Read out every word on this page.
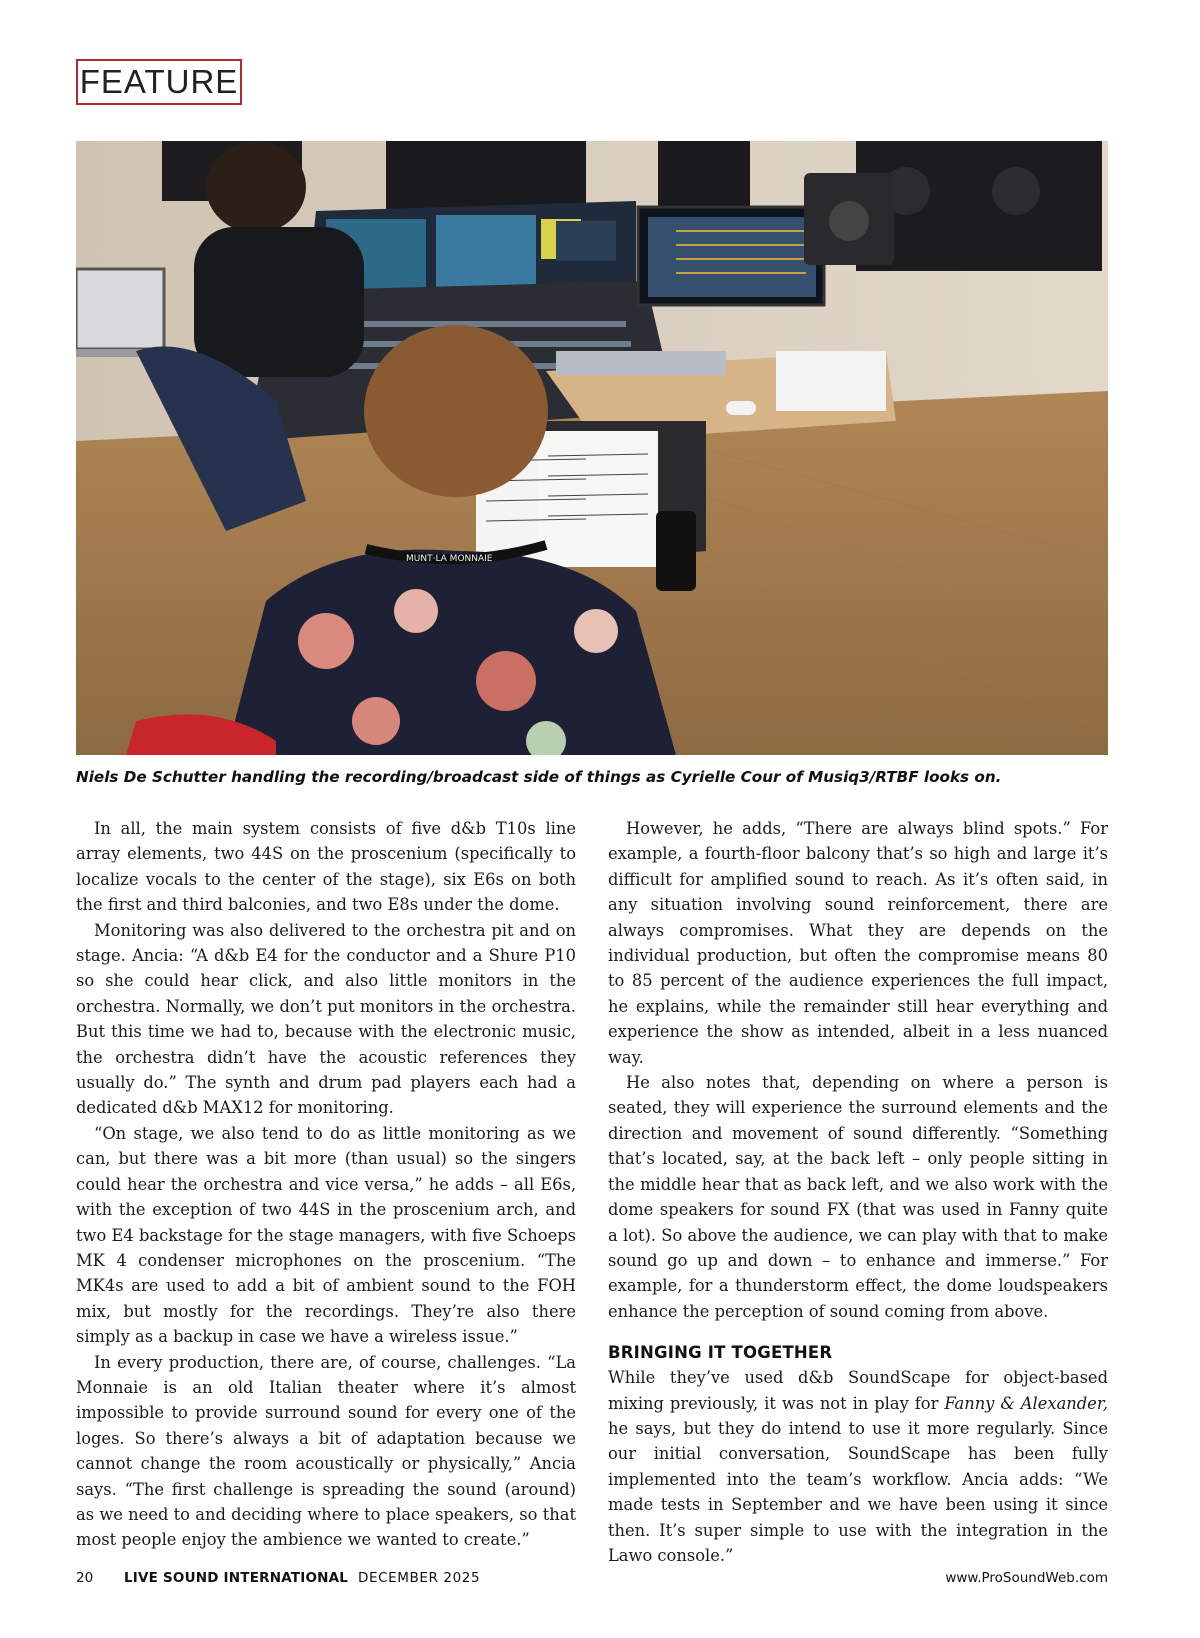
FEATURE
MUNT·LA MONNAIE
Niels De Schutter handling the recording/broadcast side of things as Cyrielle Cour of Musiq3/RTBF looks on.

In all, the main system consists of five d&b T10s line array elements, two 44S on the proscenium (specifically to localize vocals to the center of the stage), six E6s on both the first and third balconies, and two E8s under the dome.

Monitoring was also delivered to the orchestra pit and on stage. Ancia: “A d&b E4 for the conductor and a Shure P10 so she could hear click, and also little monitors in the orchestra. Normally, we don’t put monitors in the orchestra. But this time we had to, because with the electronic music, the orchestra didn’t have the acoustic references they usually do.” The synth and drum pad players each had a dedicated d&b MAX12 for monitoring.

“On stage, we also tend to do as little monitoring as we can, but there was a bit more (than usual) so the singers could hear the orchestra and vice versa,” he adds – all E6s, with the exception of two 44S in the proscenium arch, and two E4 backstage for the stage managers, with five Schoeps MK 4 condenser microphones on the proscenium. “The MK4s are used to add a bit of ambient sound to the FOH mix, but mostly for the recordings. They’re also there simply as a backup in case we have a wireless issue.”

In every production, there are, of course, challenges. “La Monnaie is an old Italian theater where it’s almost impossible to provide surround sound for every one of the loges. So there’s always a bit of adaptation because we cannot change the room acoustically or physically,” Ancia says. “The first challenge is spreading the sound (around) as we need to and deciding where to place speakers, so that most people enjoy the ambience we wanted to create.”

However, he adds, “There are always blind spots.” For example, a fourth-floor balcony that’s so high and large it’s difficult for amplified sound to reach. As it’s often said, in any situation involving sound reinforcement, there are always compromises. What they are depends on the individual production, but often the compromise means 80 to 85 percent of the audience experiences the full impact, he explains, while the remainder still hear everything and experience the show as intended, albeit in a less nuanced way.

He also notes that, depending on where a person is seated, they will experience the surround elements and the direction and movement of sound differently. “Something that’s located, say, at the back left – only people sitting in the middle hear that as back left, and we also work with the dome speakers for sound FX (that was used in Fanny quite a lot). So above the audience, we can play with that to make sound go up and down – to enhance and immerse.” For example, for a thunderstorm effect, the dome loudspeakers enhance the perception of sound coming from above.

BRINGING IT TOGETHER

While they’ve used d&b SoundScape for object-based mixing previously, it was not in play for Fanny & Alexander, he says, but they do intend to use it more regularly. Since our initial conversation, SoundScape has been fully implemented into the team’s workflow. Ancia adds: “We made tests in September and we have been using it since then. It’s super simple to use with the integration in the Lawo console.”

20 LIVE SOUND INTERNATIONAL DECEMBER 2025	www.ProSoundWeb.com
